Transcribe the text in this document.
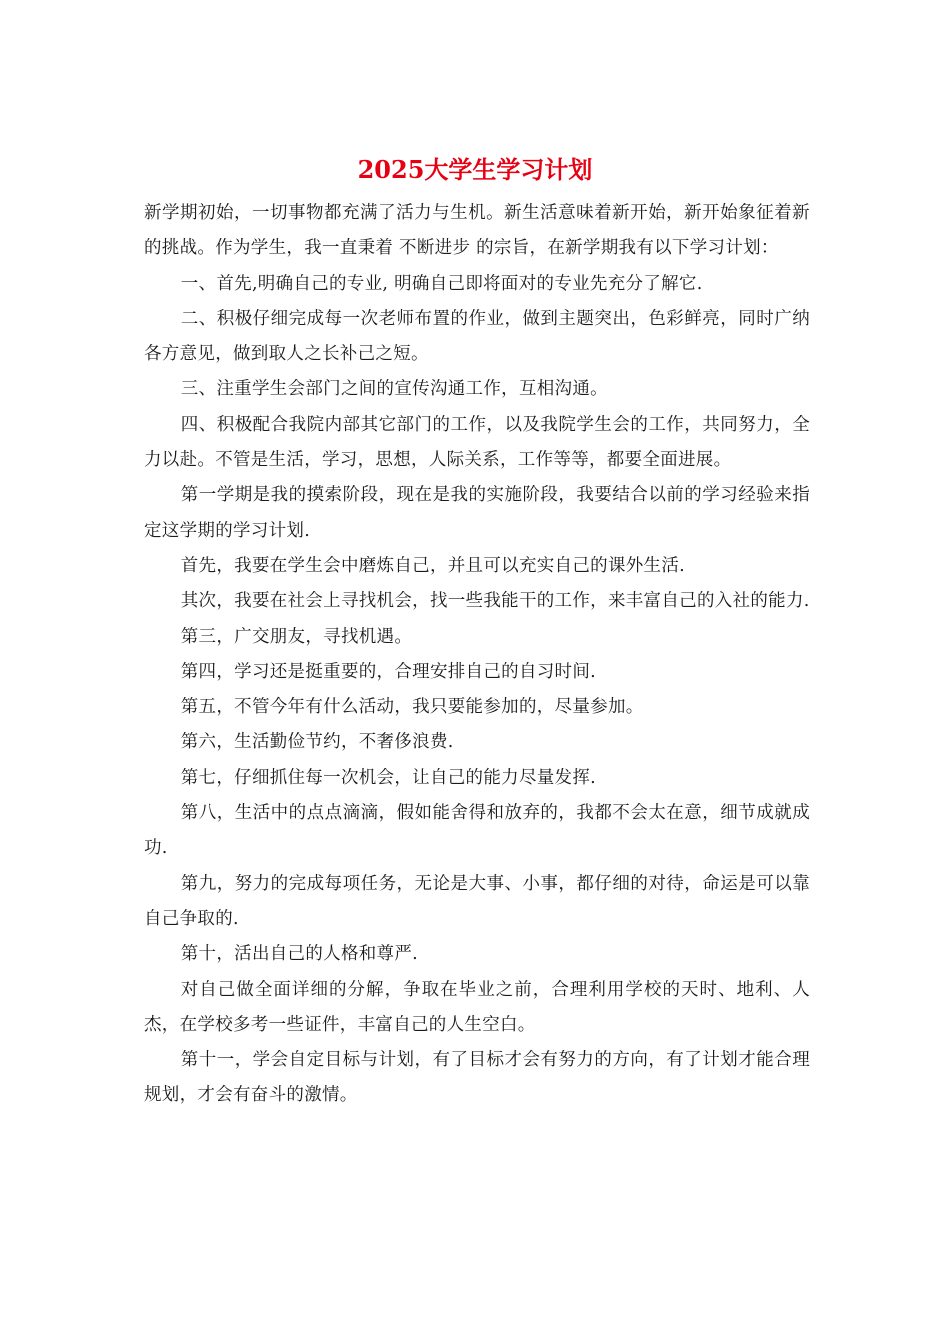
2025大学生学习计划

新学期初始，一切事物都充满了活力与生机。新生活意味着新开始，新开始象征着新的挑战。作为学生，我一直秉着 不断进步 的宗旨，在新学期我有以下学习计划：

一、首先,明确自己的专业, 明确自己即将面对的专业先充分了解它.

二、积极仔细完成每一次老师布置的作业，做到主题突出，色彩鲜亮，同时广纳各方意见，做到取人之长补己之短。

三、注重学生会部门之间的宣传沟通工作，互相沟通。

四、积极配合我院内部其它部门的工作，以及我院学生会的工作，共同努力，全力以赴。不管是生活，学习，思想，人际关系，工作等等，都要全面进展。

第一学期是我的摸索阶段，现在是我的实施阶段，我要结合以前的学习经验来指定这学期的学习计划.

首先，我要在学生会中磨炼自己，并且可以充实自己的课外生活.

其次，我要在社会上寻找机会，找一些我能干的工作，来丰富自己的入社的能力.

第三，广交朋友，寻找机遇。

第四，学习还是挺重要的，合理安排自己的自习时间.

第五，不管今年有什么活动，我只要能参加的，尽量参加。

第六，生活勤俭节约，不奢侈浪费.

第七，仔细抓住每一次机会，让自己的能力尽量发挥.

第八，生活中的点点滴滴，假如能舍得和放弃的，我都不会太在意，细节成就成功.

第九，努力的完成每项任务，无论是大事、小事，都仔细的对待，命运是可以靠自己争取的.

第十，活出自己的人格和尊严.

对自己做全面详细的分解，争取在毕业之前，合理利用学校的天时、地利、人杰，在学校多考一些证件，丰富自己的人生空白。

第十一，学会自定目标与计划，有了目标才会有努力的方向，有了计划才能合理规划，才会有奋斗的激情。
